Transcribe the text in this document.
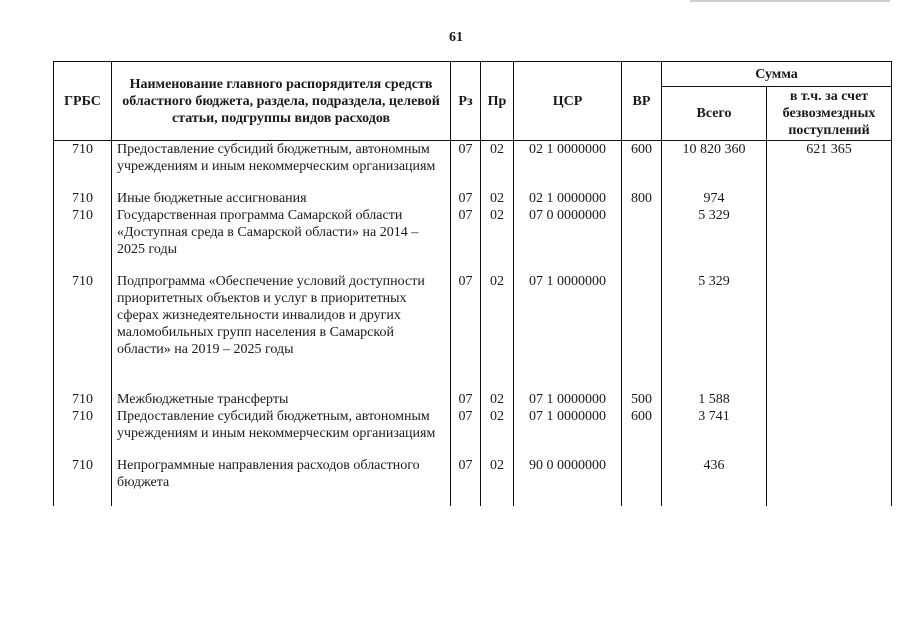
61
ГРБС	Наименование главного распорядителя средств областного бюджета, раздела, подраздела, целевой статьи, подгруппы видов расходов	Рз	Пр	ЦСР	ВР	Сумма	
						Всего	в т.ч. за счет безвозмездных поступлений
710	Предоставление субсидий бюджетным, автономным учреждениям и иным некоммерческим организациям	07	02	02 1 0000000	600	10 820 360	621 365
710	Иные бюджетные ассигнования	07	02	02 1 0000000	800	974	
710	Государственная программа Самарской области «Доступная среда в Самарской области» на 2014 – 2025 годы	07	02	07 0 0000000		5 329	
710	Подпрограмма «Обеспечение условий доступности приоритетных объектов и услуг в приоритетных сферах жизнедеятельности инвалидов и других маломобильных групп населения в Самарской области» на 2019 – 2025 годы	07	02	07 1 0000000		5 329	
710	Межбюджетные трансферты	07	02	07 1 0000000	500	1 588	
710	Предоставление субсидий бюджетным, автономным учреждениям и иным некоммерческим организациям	07	02	07 1 0000000	600	3 741	
710	Непрограммные направления расходов областного бюджета	07	02	90 0 0000000		436	
